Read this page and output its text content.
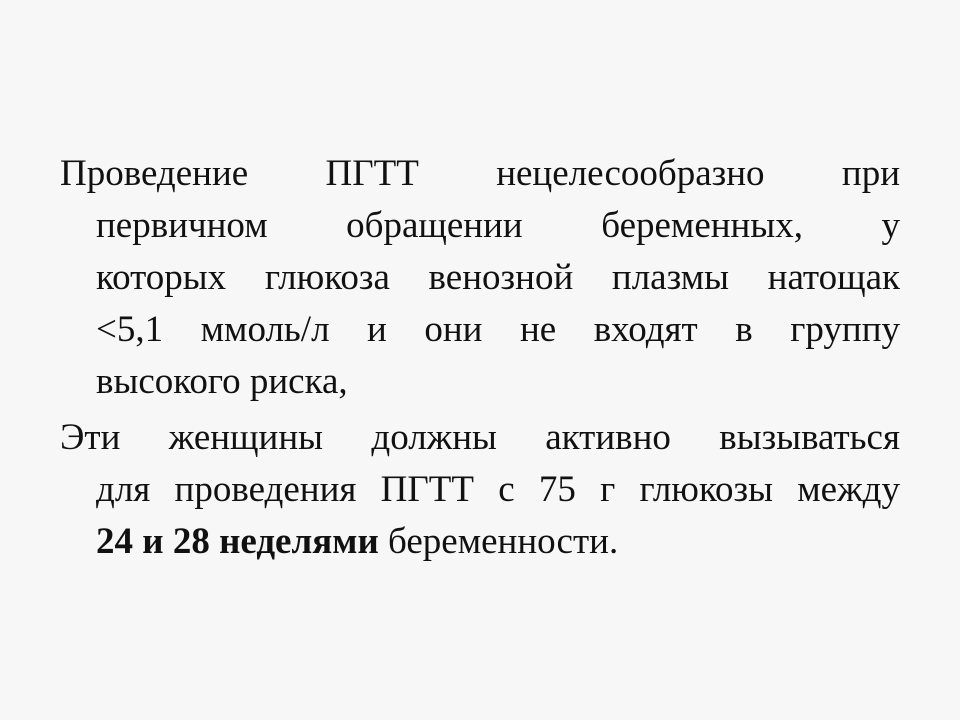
Проведение ПГТТ нецелесообразно при
первичном обращении беременных, у
которых глюкоза венозной плазмы натощак
<5,1 ммоль/л и они не входят в группу
высокого риска,
Эти женщины должны активно вызываться
для проведения ПГТТ с 75 г глюкозы между
24 и 28 неделями беременности.
